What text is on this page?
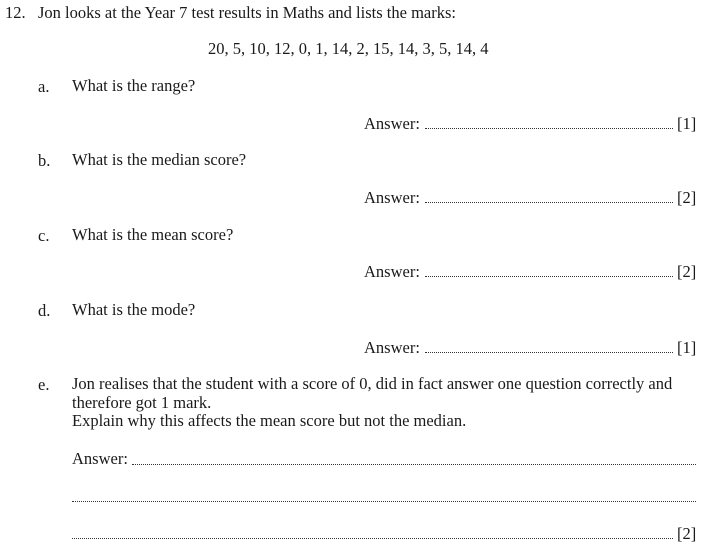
12. Jon looks at the Year 7 test results in Maths and lists the marks:
20, 5, 10, 12, 0, 1, 14, 2, 15, 14, 3, 5, 14, 4
a. What is the range?
Answer:	[1]
b. What is the median score?
Answer:	[2]
c. What is the mean score?
Answer:	[2]
d. What is the mode?
Answer:	[1]
e. Jon realises that the student with a score of 0, did in fact answer one question correctly and
therefore got 1 mark.
Explain why this affects the mean score but not the median.
Answer:
[2]
